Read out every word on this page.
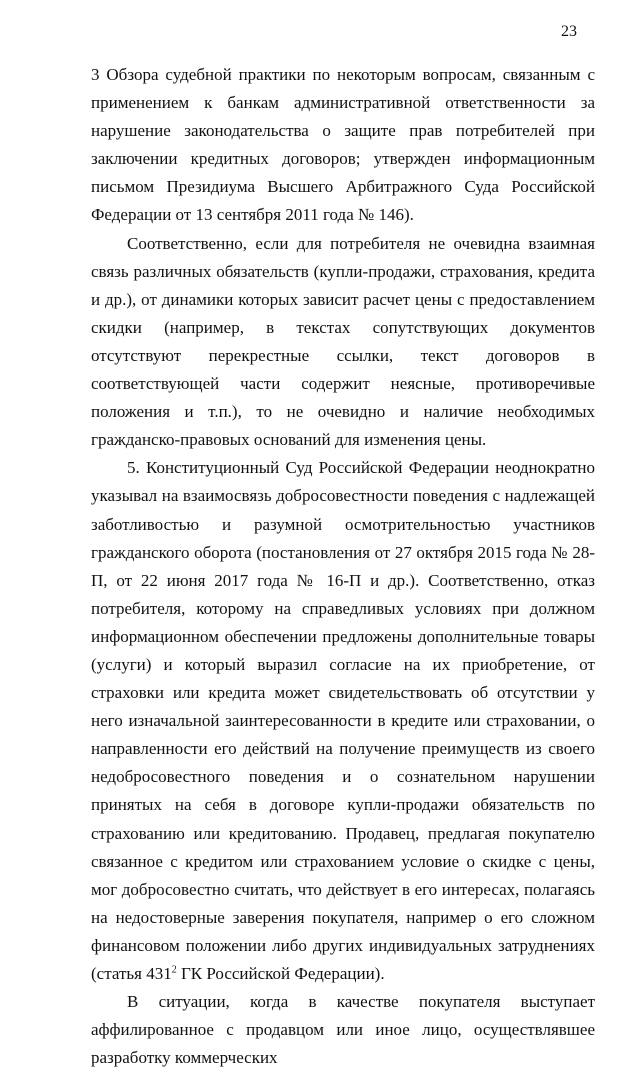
23

3 Обзора судебной практики по некоторым вопросам, связанным с применением к банкам административной ответственности за нарушение законодательства о защите прав потребителей при заключении кредитных договоров; утвержден информационным письмом Президиума Высшего Арбитражного Суда Российской Федерации от 13 сентября 2011 года № 146).

Соответственно, если для потребителя не очевидна взаимная связь различных обязательств (купли-продажи, страхования, кредита и др.), от динамики которых зависит расчет цены с предоставлением скидки (например, в текстах сопутствующих документов отсутствуют перекрестные ссылки, текст договоров в соответствующей части содержит неясные, противоречивые положения и т.п.), то не очевидно и наличие необходимых гражданско-правовых оснований для изменения цены.

5. Конституционный Суд Российской Федерации неоднократно указывал на взаимосвязь добросовестности поведения с надлежащей заботливостью и разумной осмотрительностью участников гражданского оборота (постановления от 27 октября 2015 года № 28-П, от 22 июня 2017 года № 16-П и др.). Соответственно, отказ потребителя, которому на справедливых условиях при должном информационном обеспечении предложены дополнительные товары (услуги) и который выразил согласие на их приобретение, от страховки или кредита может свидетельствовать об отсутствии у него изначальной заинтересованности в кредите или страховании, о направленности его действий на получение преимуществ из своего недобросовестного поведения и о сознательном нарушении принятых на себя в договоре купли-продажи обязательств по страхованию или кредитованию. Продавец, предлагая покупателю связанное с кредитом или страхованием условие о скидке с цены, мог добросовестно считать, что действует в его интересах, полагаясь на недостоверные заверения покупателя, например о его сложном финансовом положении либо других индивидуальных затруднениях (статья $431^2$ ГК Российской Федерации).

В ситуации, когда в качестве покупателя выступает аффилированное с продавцом или иное лицо, осуществлявшее разработку коммерческих
